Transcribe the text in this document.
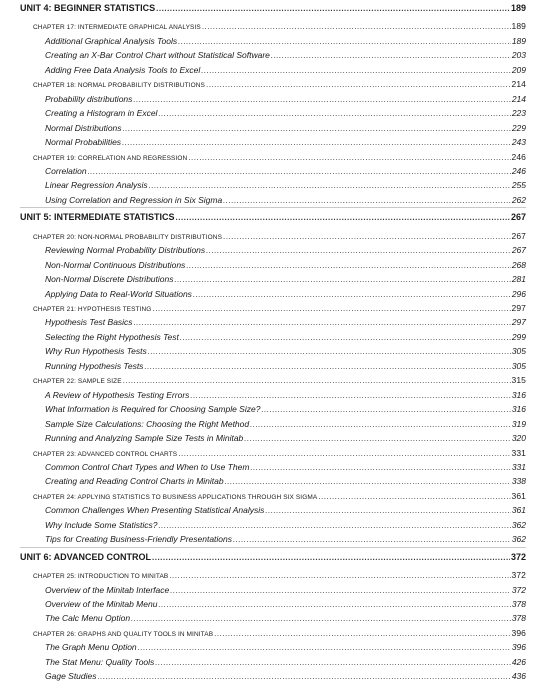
UNIT 4: BEGINNER STATISTICS .....	189
CHAPTER 17: INTERMEDIATE GRAPHICAL ANALYSIS .....	189
Additional Graphical Analysis Tools .....	189
Creating an X-Bar Control Chart without Statistical Software .....	203
Adding Free Data Analysis Tools to Excel .....	209
CHAPTER 18: NORMAL PROBABILITY DISTRIBUTIONS .....	214
Probability distributions .....	214
Creating a Histogram in Excel .....	223
Normal Distributions .....	229
Normal Probabilities .....	243
CHAPTER 19: CORRELATION AND REGRESSION .....	246
Correlation .....	246
Linear Regression Analysis .....	255
Using Correlation and Regression in Six Sigma .....	262
UNIT 5: INTERMEDIATE STATISTICS .....	267
CHAPTER 20: NON-NORMAL PROBABILITY DISTRIBUTIONS .....	267
Reviewing Normal Probability Distributions .....	267
Non-Normal Continuous Distributions .....	268
Non-Normal Discrete Distributions .....	281
Applying Data to Real-World Situations .....	296
CHAPTER 21: HYPOTHESIS TESTING .....	297
Hypothesis Test Basics .....	297
Selecting the Right Hypothesis Test .....	299
Why Run Hypothesis Tests .....	305
Running Hypothesis Tests .....	305
CHAPTER 22: SAMPLE SIZE .....	315
A Review of Hypothesis Testing Errors .....	316
What Information is Required for Choosing Sample Size? .....	316
Sample Size Calculations: Choosing the Right Method .....	319
Running and Analyzing Sample Size Tests in Minitab .....	320
CHAPTER 23: ADVANCED CONTROL CHARTS .....	331
Common Control Chart Types and When to Use Them .....	331
Creating and Reading Control Charts in Minitab .....	338
CHAPTER 24: APPLYING STATISTICS TO BUSINESS APPLICATIONS THROUGH SIX SIGMA .....	361
Common Challenges When Presenting Statistical Analysis .....	361
Why Include Some Statistics? .....	362
Tips for Creating Business-Friendly Presentations .....	362
UNIT 6: ADVANCED CONTROL .....	372
CHAPTER 25: INTRODUCTION TO MINITAB .....	372
Overview of the Minitab Interface .....	372
Overview of the Minitab Menu .....	378
The Calc Menu Option .....	378
CHAPTER 26: GRAPHS AND QUALITY TOOLS IN MINITAB .....	396
The Graph Menu Option .....	396
The Stat Menu: Quality Tools .....	426
Gage Studies .....	436
